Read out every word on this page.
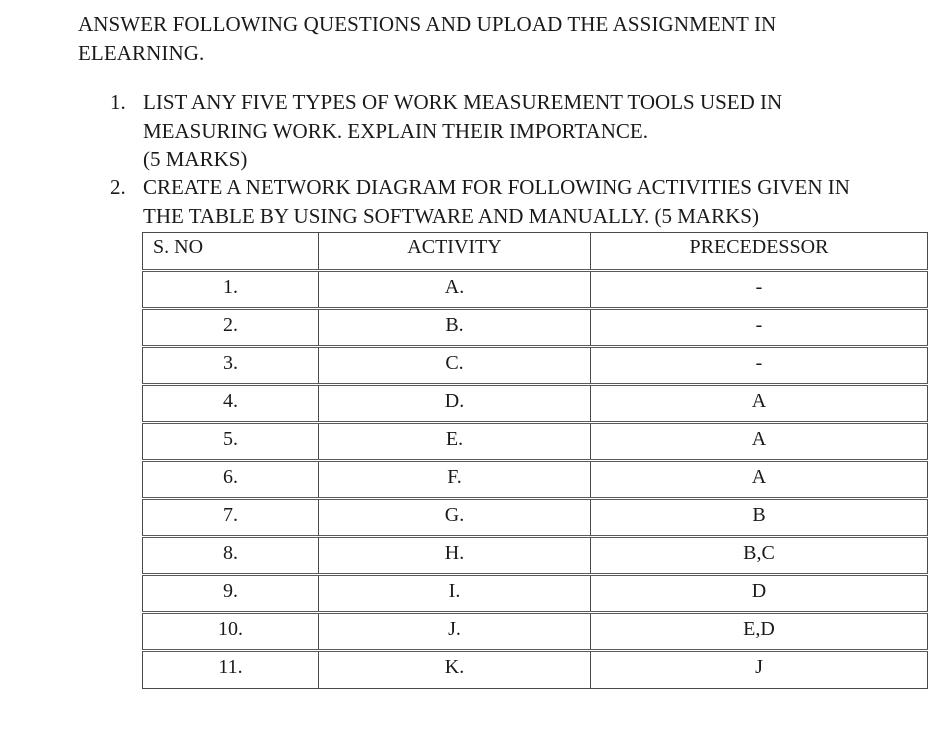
ANSWER FOLLOWING QUESTIONS AND UPLOAD THE ASSIGNMENT IN
ELEARNING.
1. LIST ANY FIVE TYPES OF WORK MEASUREMENT TOOLS USED IN
MEASURING WORK. EXPLAIN THEIR IMPORTANCE.
(5 MARKS)
2. CREATE A NETWORK DIAGRAM FOR FOLLOWING ACTIVITIES GIVEN IN
THE TABLE BY USING SOFTWARE AND MANUALLY. (5 MARKS)
S. NO	ACTIVITY	PRECEDESSOR
1.	A.	-
2.	B.	-
3.	C.	-
4.	D.	A
5.	E.	A
6.	F.	A
7.	G.	B
8.	H.	B,C
9.	I.	D
10.	J.	E,D
11.	K.	J
